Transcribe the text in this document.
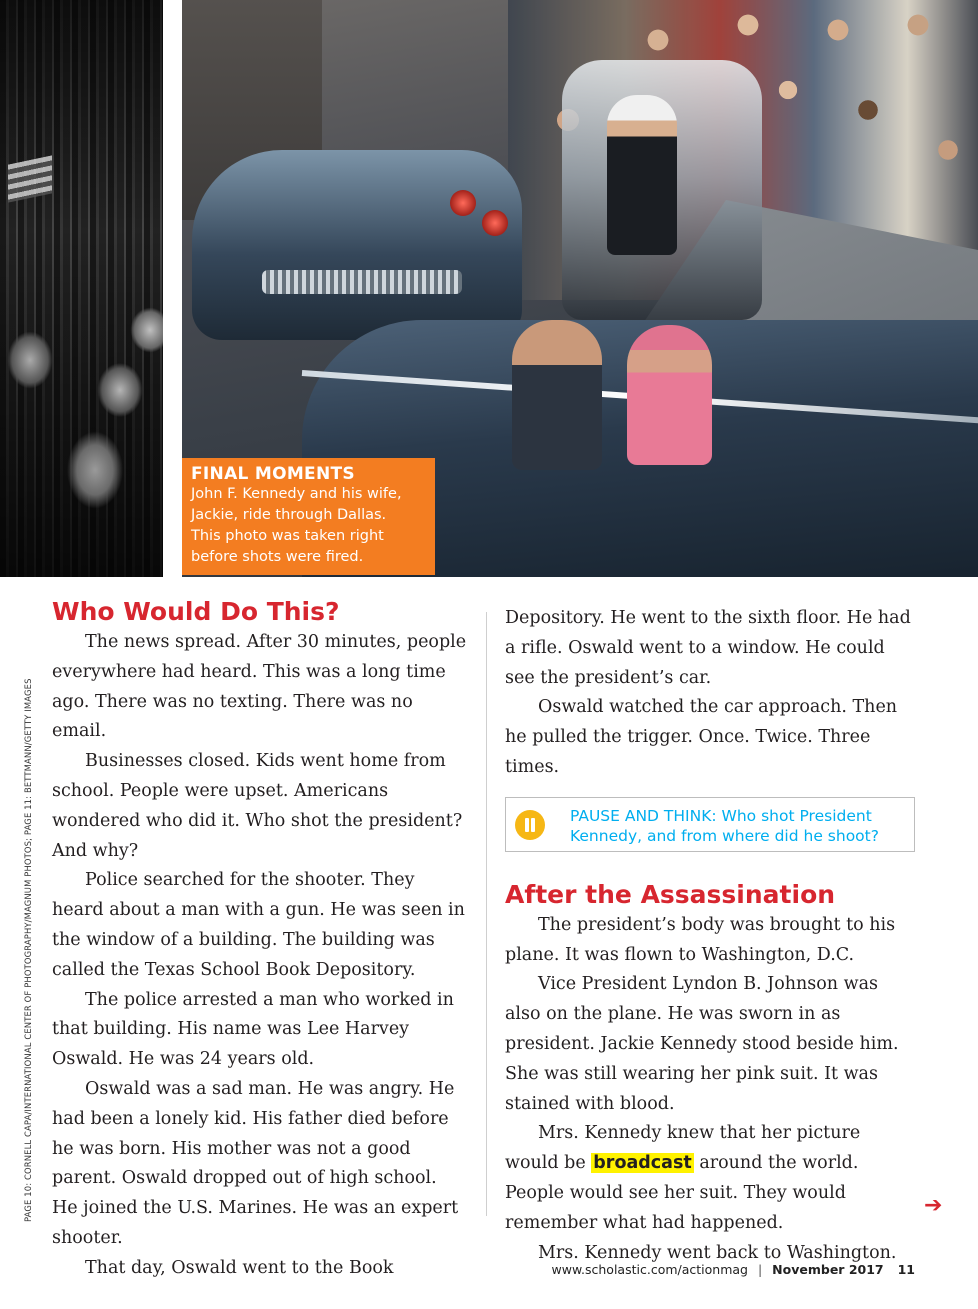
FINAL MOMENTS
John F. Kennedy and his wife,
Jackie, ride through Dallas.
This photo was taken right
before shots were fired.
PAGE 10: CORNELL CAPA/INTERNATIONAL CENTER OF PHOTOGRAPHY/MAGNUM PHOTOS; PAGE 11: BETTMANN/GETTY IMAGES
Who Would Do This?

The news spread. After 30 minutes, people everywhere had heard. This was a long time ago. There was no texting. There was no email.

Businesses closed. Kids went home from school. People were upset. Americans wondered who did it. Who shot the president? And why?

Police searched for the shooter. They heard about a man with a gun. He was seen in the window of a building. The building was called the Texas School Book Depository.

The police arrested a man who worked in that building. His name was Lee Harvey Oswald. He was 24 years old.

Oswald was a sad man. He was angry. He had been a lonely kid. His father died before he was born. His mother was not a good parent. Oswald dropped out of high school. He joined the U.S. Marines. He was an expert shooter.

That day, Oswald went to the Book

Depository. He went to the sixth floor. He had a rifle. Oswald went to a window. He could see the president’s car.

Oswald watched the car approach. Then he pulled the trigger. Once. Twice. Three times.

PAUSE AND THINK: Who shot President
Kennedy, and from where did he shoot?
After the Assassination

The president’s body was brought to his plane. It was flown to Washington, D.C.

Vice President Lyndon B. Johnson was also on the plane. He was sworn in as president. Jackie Kennedy stood beside him. She was still wearing her pink suit. It was stained with blood.

Mrs. Kennedy knew that her picture would be broadcast around the world. People would see her suit. They would remember what had happened.

Mrs. Kennedy went back to Washington.

➔
www.scholastic.com/actionmag | November 2017 11
